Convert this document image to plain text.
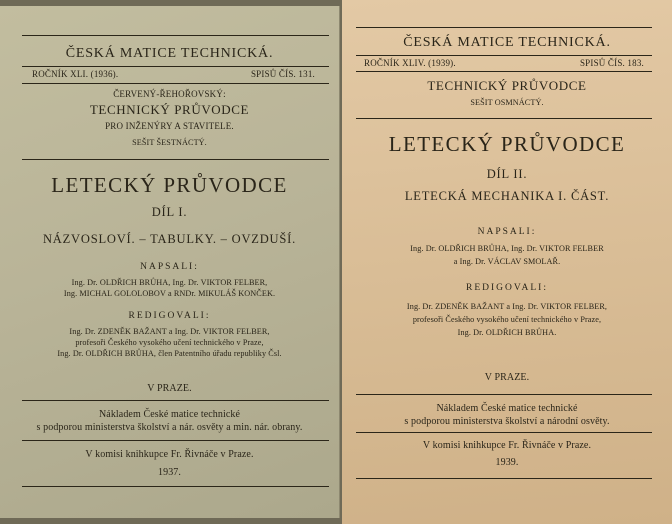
ČESKÁ MATICE TECHNICKÁ.
ROČNÍK XLI. (1936).	SPISŮ ČÍS. 131.
ČERVENÝ-ŘEHOŘOVSKÝ:
TECHNICKÝ PRŮVODCE
PRO INŽENÝRY A STAVITELE.
SEŠIT ŠESTNÁCTÝ.
LETECKÝ PRŮVODCE
DÍL I.
NÁZVOSLOVÍ. – TABULKY. – OVZDUŠÍ.
NAPSALI:
Ing. Dr. OLDŘICH BRŮHA, Ing. Dr. VIKTOR FELBER,
Ing. MICHAL GOLOLOBOV a RNDr. MIKULÁŠ KONČEK.
REDIGOVALI:
Ing. Dr. ZDENĚK BAŽANT a Ing. Dr. VIKTOR FELBER,
profesoři Českého vysokého učení technického v Praze,
Ing. Dr. OLDŘICH BRŮHA, člen Patentního úřadu republiky Čsl.
V PRAZE.
Nákladem České matice technické
s podporou ministerstva školství a nár. osvěty a min. nár. obrany.
V komisi knihkupce Fr. Řivnáče v Praze.
1937.
ČESKÁ MATICE TECHNICKÁ.
ROČNÍK XLIV. (1939).	SPISŮ ČÍS. 183.
TECHNICKÝ PRŮVODCE
SEŠIT OSMNÁCTÝ.
LETECKÝ PRŮVODCE
DÍL II.
LETECKÁ MECHANIKA I. ČÁST.
NAPSALI:
Ing. Dr. OLDŘICH BRŮHA, Ing. Dr. VIKTOR FELBER
a Ing. Dr. VÁCLAV SMOLAŘ.
REDIGOVALI:
Ing. Dr. ZDENĚK BAŽANT a Ing. Dr. VIKTOR FELBER,
profesoři Českého vysokého učení technického v Praze,
Ing. Dr. OLDŘICH BRŮHA.
V PRAZE.
Nákladem České matice technické
s podporou ministerstva školství a národní osvěty.
V komisi knihkupce Fr. Řivnáče v Praze.
1939.
